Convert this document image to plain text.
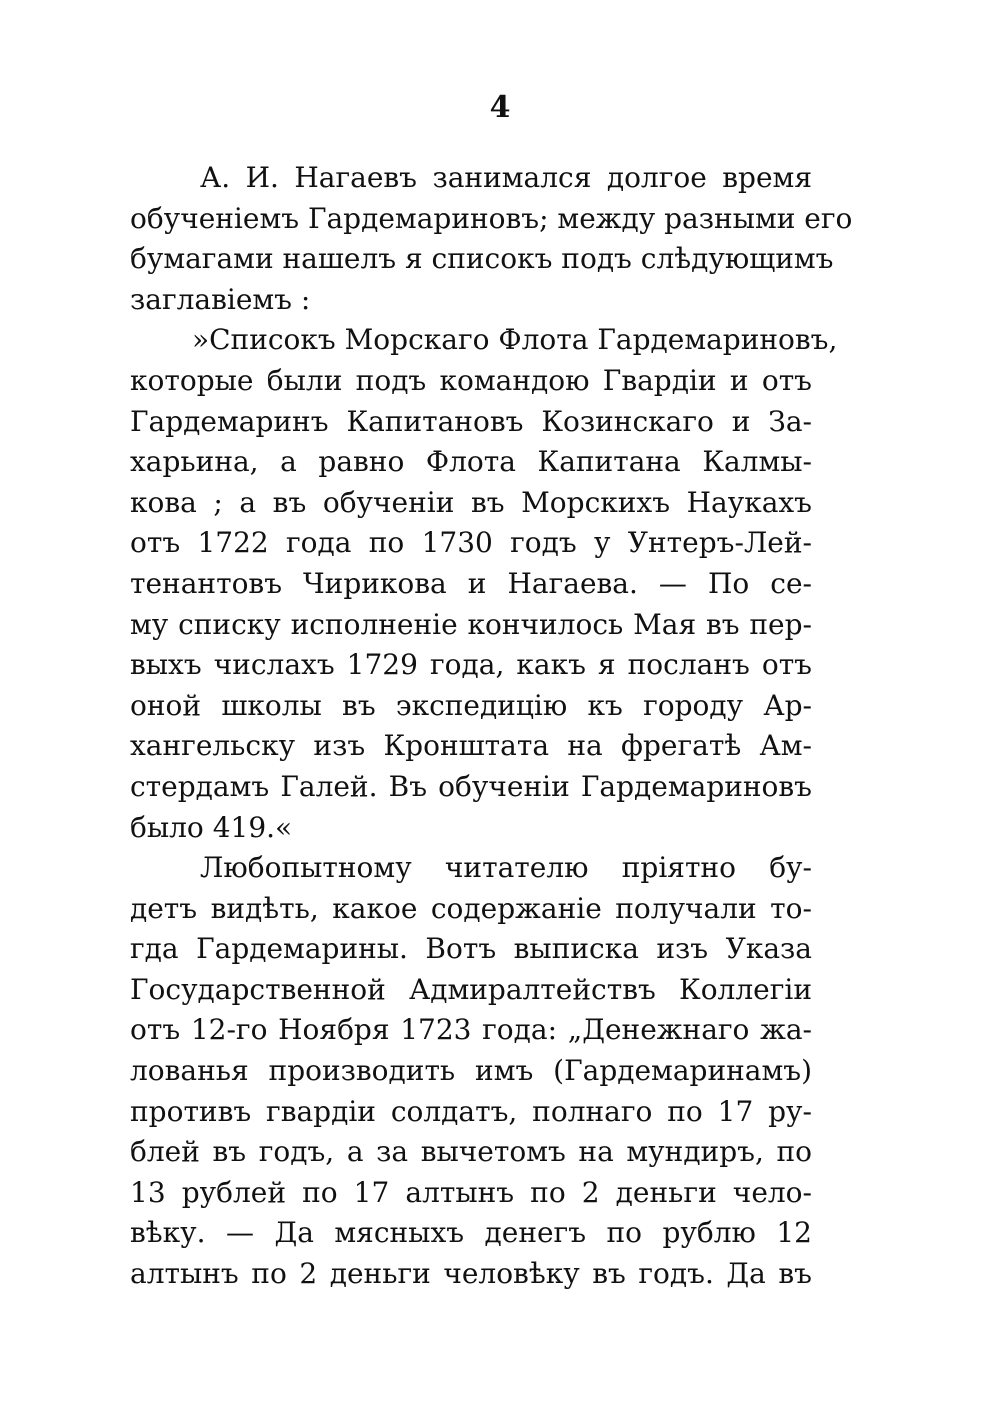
4
А. И. Нагаевъ занимался долгое время
обученіемъ Гардемариновъ; между разными его
бумагами нашелъ я списокъ подъ слѣдующимъ
заглавіемъ :
»Списокъ Морскаго Флота Гардемариновъ,
которые были подъ командою Гвардіи и отъ
Гардемаринъ Капитановъ Козинскаго и За-
харьина, а равно Флота Капитана Калмы-
кова ; а въ обученіи въ Морскихъ Наукахъ
отъ 1722 года по 1730 годъ у Унтеръ-Лей-
тенантовъ Чирикова и Нагаева. — По се-
му списку исполненіе кончилось Мая въ пер-
выхъ числахъ 1729 года, какъ я посланъ отъ
оной школы въ экспедицію къ городу Ар-
хангельску изъ Кронштата на фрегатѣ Ам-
стердамъ Галей. Въ обученіи Гардемариновъ
было 419.«
Любопытному читателю пріятно бу-
детъ видѣть, какое содержаніе получали то-
гда Гардемарины. Вотъ выписка изъ Указа
Государственной Адмиралтействъ Коллегіи
отъ 12-го Ноября 1723 года: „Денежнаго жа-
лованья производить имъ (Гардемаринамъ)
противъ гвардіи солдатъ, полнаго по 17 ру-
блей въ годъ, а за вычетомъ на мундиръ, по
13 рублей по 17 алтынъ по 2 деньги чело-
вѣку. — Да мясныхъ денегъ по рублю 12
алтынъ по 2 деньги человѣку въ годъ. Да въ
